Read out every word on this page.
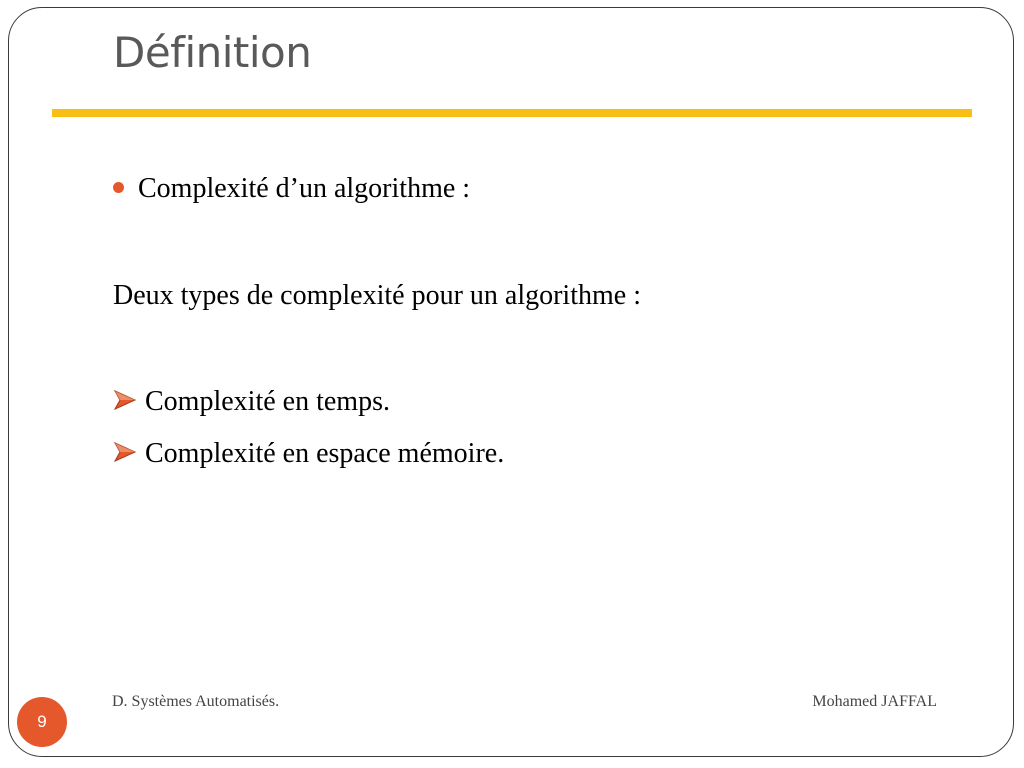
Définition
Complexité d’un algorithme :
Deux types de complexité pour un algorithme :
Complexité en temps.
Complexité en espace mémoire.
D. Systèmes Automatisés.	Mohamed JAFFAL
9
